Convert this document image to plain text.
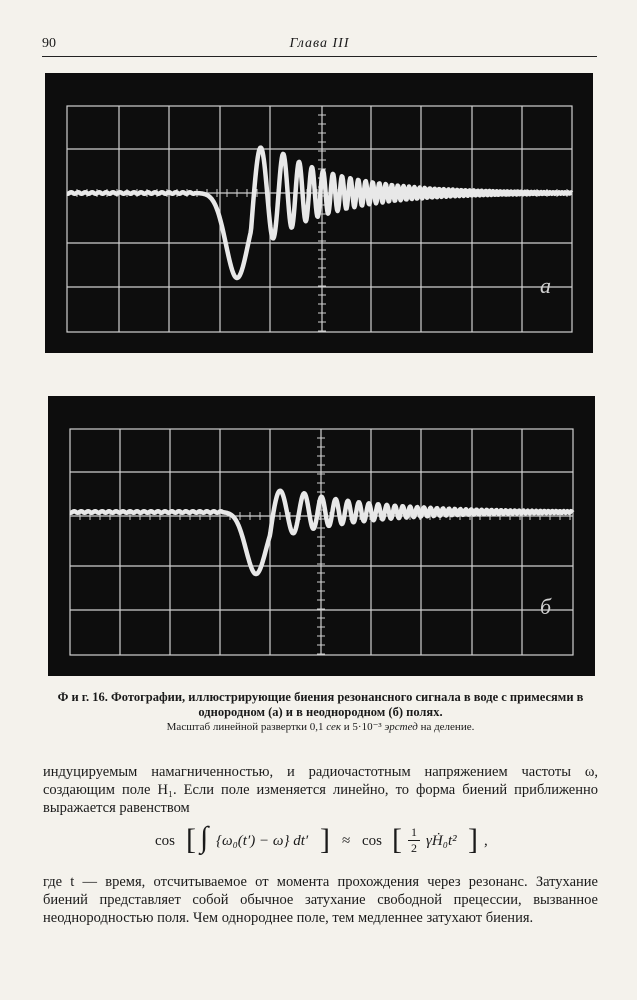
90	Глава III
а
б
Ф и г. 16. Фотографии, иллюстрирующие биения резонансного сигнала в воде с примесями в однородном (а) и в неоднородном (б) полях.
Масштаб линейной развертки 0,1 сек и 5·10⁻³ эрстед на деление.
индуцируемым намагниченностью, и радиочастотным напряжением частоты ω, создающим поле H₁. Если поле изменяется линейно, то форма биений приближенно выражается равенством
cos [ ∫ {ω₀(t′) − ω} dt′ ] ≈ cos [ 1
2 γḢ₀t² ] ,
где t — время, отсчитываемое от момента прохождения через резонанс. Затухание биений представляет собой обычное затухание свободной прецессии, вызванное неоднородностью поля. Чем однороднее поле, тем медленнее затухают биения.
